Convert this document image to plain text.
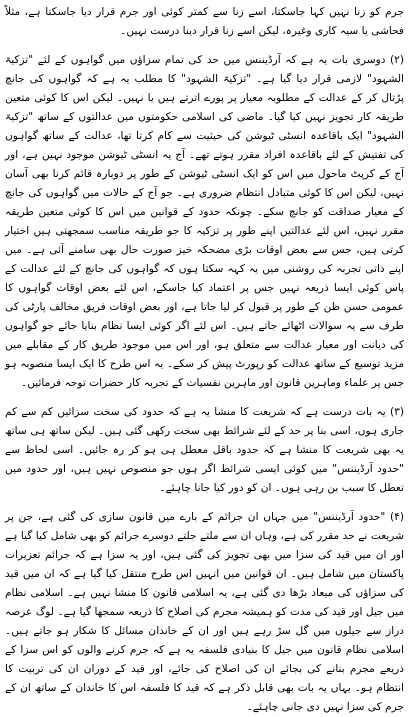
جرم کو زنا نہیں کہا جاسکتا، اسے زنا سے کمتر کوئی اور جرم قرار دیا جاسکتا ہے، مثلاً فحاشی یا سیہ کاری وغیرہ، لیکن اسے زنا قرار دینا درست نہیں۔

(۲) دوسری بات یہ ہے کہ آرڈیننس میں حد کی تمام سزاؤں میں گواہوں کے لئے "تزکیۃ الشہود" لازمی قرار دیا گیا ہے۔ "تزکیۃ الشہود" کا مطلب یہ ہے کہ گواہوں کی جانچ پڑتال کر کے عدالت کے مطلوبہ معیار پر پورے اترتے ہیں یا نہیں۔ لیکن اس کا کوئی متعین طریقہ کار تجویز نہیں کیا گیا۔ ماضی کی اسلامی حکومتوں میں عدالتوں کے ساتھ "تزکیۃ الشہود" ایک باقاعدہ انسٹی ٹیوشن کی حیثیت سے کام کرتا تھا، عدالت کے ساتھ گواہوں کی تفتیش کے لئے باقاعدہ افراد مقرر ہوتے تھے۔ آج یہ انسٹی ٹیوشن موجود نہیں ہے، اور آج کے کرپٹ ماحول میں اس کو ایک انسٹی ٹیوشن کے طور پر دوبارہ قائم کرنا بھی آسان نہیں، لیکن اس کا کوئی متبادل انتظام ضروری ہے۔ جو آج کے حالات میں گواہوں کی جانچ کے معیار صداقت کو جانچ سکے۔ چونکہ حدود کے قوانین میں اس کا کوئی متعین طریقہ مقرر نہیں، اس لئے عدالتیں اپنے طور پر تزکیہ کا جو طریقہ مناسب سمجھتی ہیں اختیار کرتی ہیں، جس سے بعض اوقات بڑی مضحکہ خیز صورت حال بھی سامنے آئی ہے۔ میں اپنے ذاتی تجربہ کی روشنی میں یہ کہہ سکتا ہوں کہ گواہوں کی جانچ کے لئے عدالت کے پاس کوئی ایسا ذریعہ نہیں جس پر اعتماد کیا جاسکے، اس لئے بعض اوقات گواہوں کا عمومی حسن ظن کے طور پر قبول کر لیا جاتا ہے، اور بعض اوقات فریق مخالف پارٹی کی طرف سے یہ سوالات اٹھائے جاتے ہیں۔ اس لئے اگر کوئی ایسا نظام بنایا جائے جو گواہوں کی دیانت اور معیار عدالت سے متعلق ہو، اور اس میں موجود طریق کار کے مقابلے میں مزید توسیع کے ساتھ عدالت کو رپورٹ پیش کر سکے۔ یہ اس طرح کا ایک ایسا منصوبہ ہو جس پر علماء وماہرین قانون اور ماہرین نفسیات کے تجربہ کار حضرات توجہ فرمائیں۔

(۳) یہ بات درست ہے کہ شریعت کا منشا یہ ہے کہ حدود کی سخت سزائیں کم سے کم جاری ہوں، اسی بنا پر حد کے لئے شرائط بھی سخت رکھی گئی ہیں۔ لیکن ساتھ ہی ساتھ یہ بھی شریعت کا منشا ہے کہ حدود باقل معطل ہی ہو کر رہ جائیں۔ اسی لحاظ سے "حدود آرڈیننس" میں کوئی ایسی شرائط اگر ہوں جو منصوص نہیں ہیں، اور حدود میں تعطل کا سبب بن رہی ہوں۔ ان کو دور کیا جانا چاہئے۔

(۴) "حدود آرڈیننس" میں جہاں ان جرائم کے بارے میں قانون سازی کی گئی ہے، جن پر شریعت نے حد مقرر کی ہے، وہاں ان سے ملتے جلتے دوسرے جرائم کو بھی شامل کیا گیا ہے اور ان میں قید کی سزا میں بھی تجویز کی گئی ہیں، اور یہ سزا ہے کہ جرائم تعزیرات پاکستان میں شامل ہیں۔ ان قوانین میں انہیں اس طرح منتقل کیا گیا ہے کہ ان میں قید کی سزاؤں کی میعاد بڑھا دی گئی ہے، یہ اسلامی قانون کا منشا نہیں ہے۔ اسلامی نظام میں جیل اور قید کی مدت کو ہمیشہ مجرم کی اصلاح کا ذریعہ سمجھا گیا ہے۔ لوگ عرصہ دراز سے جیلوں میں گل سڑ رہے ہیں اور ان کے خاندان مسائل کا شکار ہو جاتے ہیں۔ اسلامی نظام قانون میں جیل کا بنیادی فلسفہ یہ ہے کہ جرم کرنے والوں کو اس سزا کے ذریعے مجرم بنانے کی بجائے ان کی اصلاح کی جائے، اور قید کے دوران ان کی تربیت کا انتظام ہو۔ یہاں یہ بات بھی قابل ذکر ہے کہ قید کا فلسفہ اس کا خاندان کے ساتھ ان کے جرم کی سزا نہیں دی جانی چاہئے۔
